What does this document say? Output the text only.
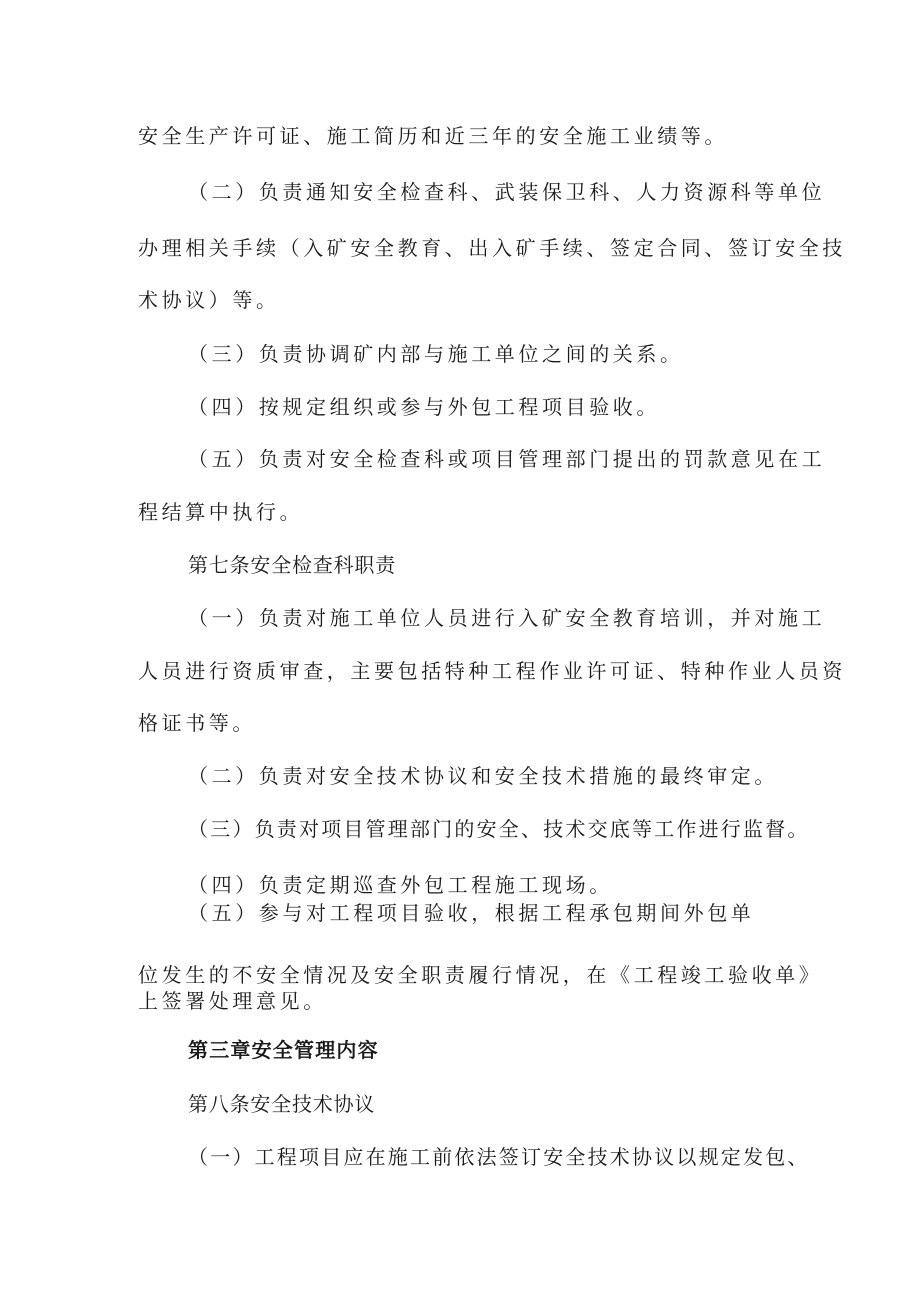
安全生产许可证、施工简历和近三年的安全施工业绩等。
（二）负责通知安全检查科、武装保卫科、人力资源科等单位
办理相关手续（入矿安全教育、出入矿手续、签定合同、签订安全技
术协议）等。
（三）负责协调矿内部与施工单位之间的关系。
（四）按规定组织或参与外包工程项目验收。
（五）负责对安全检查科或项目管理部门提出的罚款意见在工
程结算中执行。
第七条安全检查科职责
（一）负责对施工单位人员进行入矿安全教育培训，并对施工
人员进行资质审查，主要包括特种工程作业许可证、特种作业人员资
格证书等。
（二）负责对安全技术协议和安全技术措施的最终审定。
（三）负责对项目管理部门的安全、技术交底等工作进行监督。
（四）负责定期巡查外包工程施工现场。
（五）参与对工程项目验收，根据工程承包期间外包单
位发生的不安全情况及安全职责履行情况，在《工程竣工验收单》
上签署处理意见。
第三章安全管理内容
第八条安全技术协议
（一）工程项目应在施工前依法签订安全技术协议以规定发包、
